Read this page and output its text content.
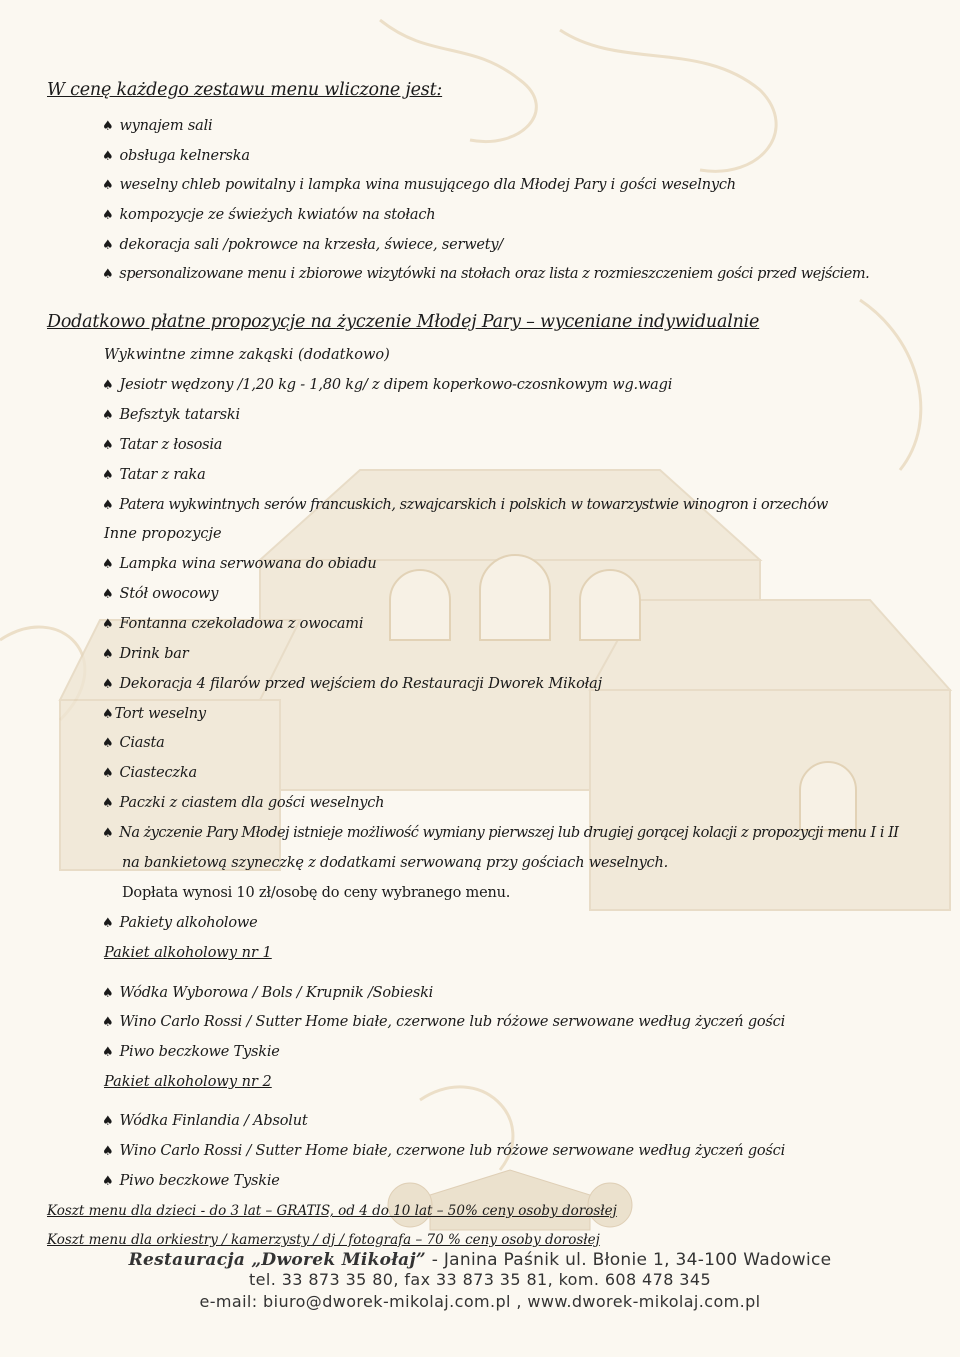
W cenę każdego zestawu menu wliczone jest:
♠ wynajem sali
♠ obsługa kelnerska
♠ weselny chleb powitalny i lampka wina musującego dla Młodej Pary i gości weselnych
♠ kompozycje ze świeżych kwiatów na stołach
♠ dekoracja sali /pokrowce na krzesła, świece, serwety/
♠ spersonalizowane menu i zbiorowe wizytówki na stołach oraz lista z rozmieszczeniem gości przed wejściem.
Dodatkowo płatne propozycje na życzenie Młodej Pary – wyceniane indywidualnie
Wykwintne zimne zakąski (dodatkowo)
♠ Jesiotr wędzony /1,20 kg - 1,80 kg/ z dipem koperkowo-czosnkowym wg.wagi
♠ Befsztyk tatarski
♠ Tatar z łososia
♠ Tatar z raka
♠ Patera wykwintnych serów francuskich, szwajcarskich i polskich w towarzystwie winogron i orzechów
Inne propozycje
♠ Lampka wina serwowana do obiadu
♠ Stół owocowy
♠ Fontanna czekoladowa z owocami
♠ Drink bar
♠ Dekoracja 4 filarów przed wejściem do Restauracji Dworek Mikołaj
♠Tort weselny
♠ Ciasta
♠ Ciasteczka
♠ Paczki z ciastem dla gości weselnych
♠ Na życzenie Pary Młodej istnieje możliwość wymiany pierwszej lub drugiej gorącej kolacji z propozycji menu I i II
na bankietową szyneczkę z dodatkami serwowaną przy gościach weselnych.
Dopłata wynosi 10 zł/osobę do ceny wybranego menu.
♠ Pakiety alkoholowe
Pakiet alkoholowy nr 1
♠ Wódka Wyborowa / Bols / Krupnik /Sobieski
♠ Wino Carlo Rossi / Sutter Home białe, czerwone lub różowe serwowane według życzeń gości
♠ Piwo beczkowe Tyskie
Pakiet alkoholowy nr 2
♠ Wódka Finlandia / Absolut
♠ Wino Carlo Rossi / Sutter Home białe, czerwone lub różowe serwowane według życzeń gości
♠ Piwo beczkowe Tyskie
Koszt menu dla dzieci - do 3 lat – GRATIS, od 4 do 10 lat – 50% ceny osoby dorosłej
Koszt menu dla orkiestry / kamerzysty / dj / fotografa – 70 % ceny osoby dorosłej
Restauracja „Dworek Mikołaj” - Janina Paśnik ul. Błonie 1, 34-100 Wadowice
tel. 33 873 35 80, fax 33 873 35 81, kom. 608 478 345
e-mail: biuro@dworek-mikolaj.com.pl , www.dworek-mikolaj.com.pl
